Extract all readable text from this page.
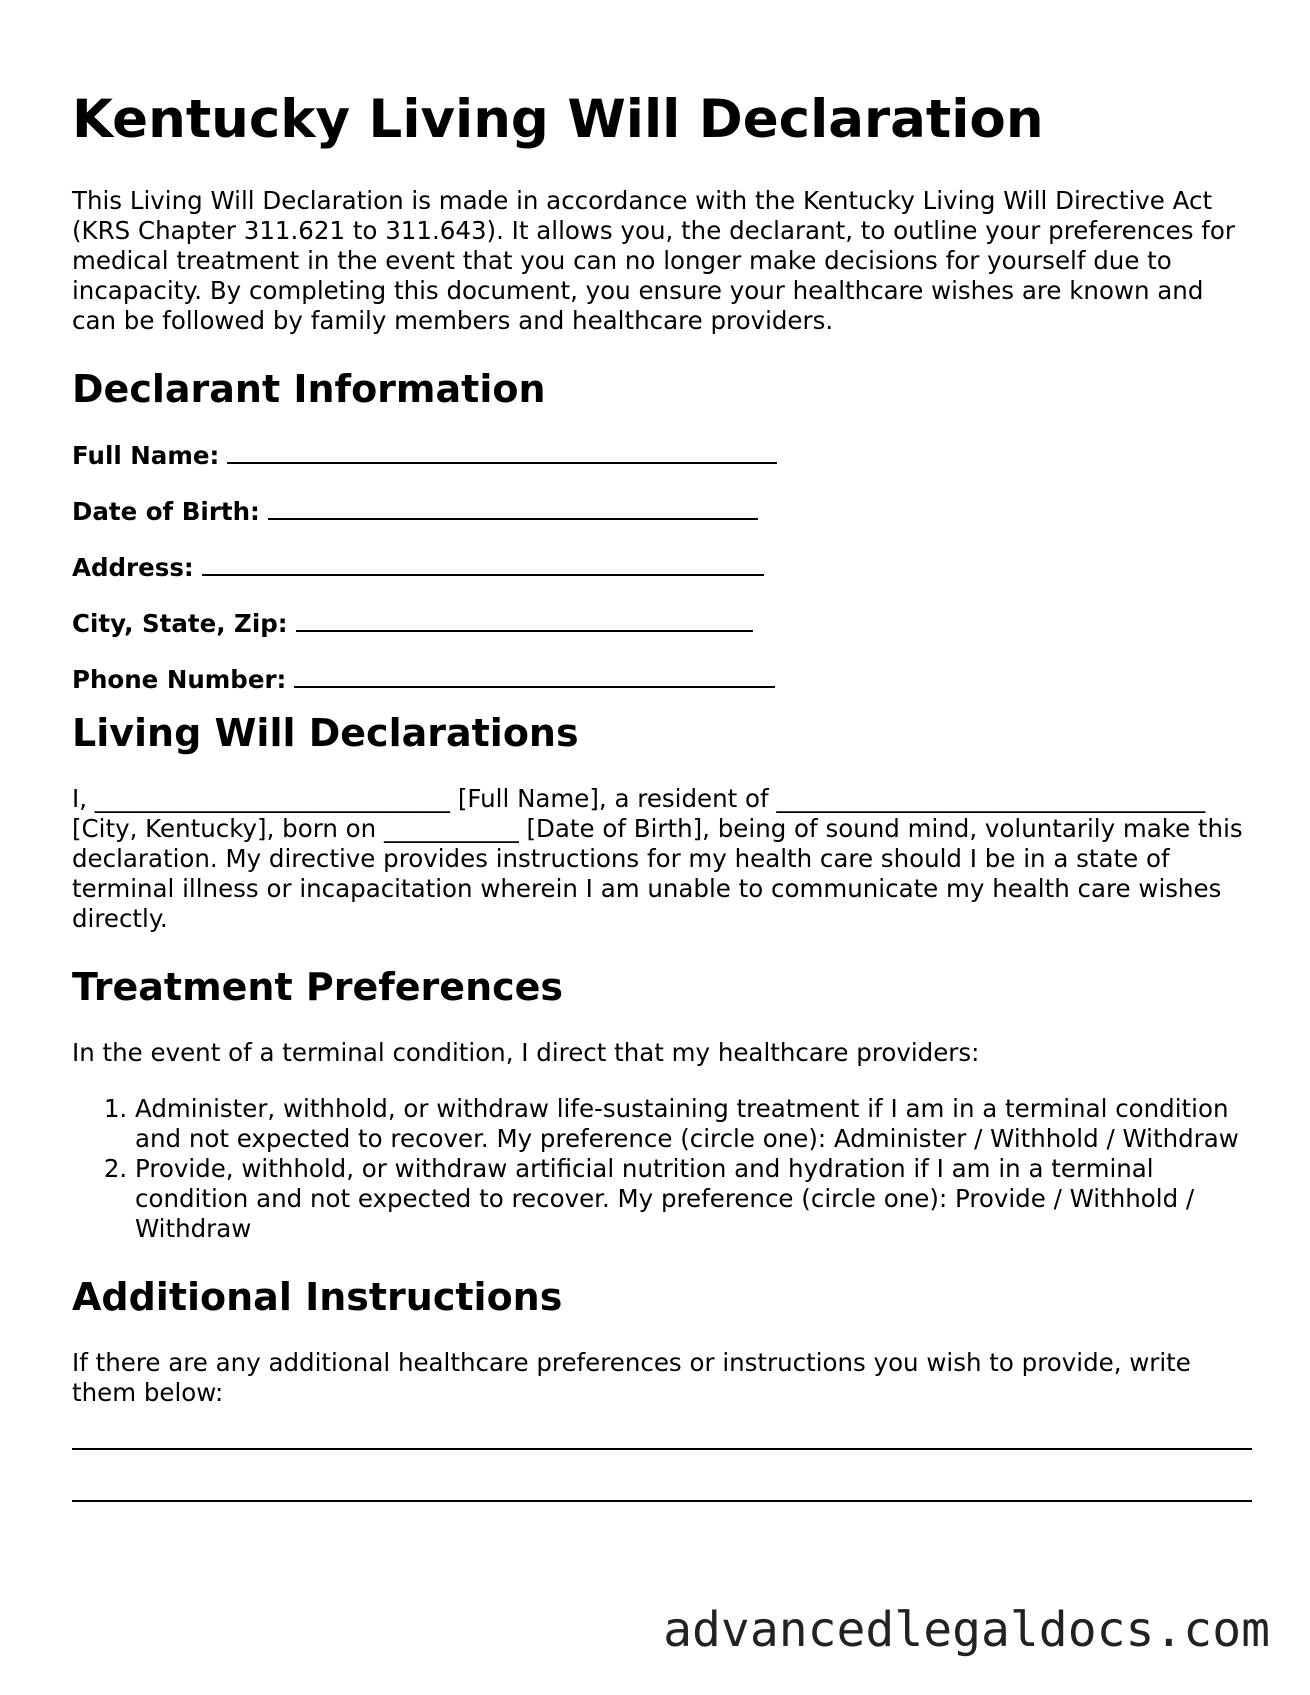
Kentucky Living Will Declaration

This Living Will Declaration is made in accordance with the Kentucky Living Will Directive Act (KRS Chapter 311.621 to 311.643). It allows you, the declarant, to outline your preferences for medical treatment in the event that you can no longer make decisions for yourself due to incapacity. By completing this document, you ensure your healthcare wishes are known and can be followed by family members and healthcare providers.

Declarant Information
Full Name:
Date of Birth:
Address:
City, State, Zip:
Phone Number:
Living Will Declarations

I, _____________________________ [Full Name], a resident of ___________________________________ [City, Kentucky], born on ___________ [Date of Birth], being of sound mind, voluntarily make this declaration. My directive provides instructions for my health care should I be in a state of terminal illness or incapacitation wherein I am unable to communicate my health care wishes directly.

Treatment Preferences

In the event of a terminal condition, I direct that my healthcare providers:

1. Administer, withhold, or withdraw life-sustaining treatment if I am in a terminal condition and not expected to recover. My preference (circle one): Administer / Withhold / Withdraw
2. Provide, withhold, or withdraw artificial nutrition and hydration if I am in a terminal condition and not expected to recover. My preference (circle one): Provide / Withhold / Withdraw
Additional Instructions

If there are any additional healthcare preferences or instructions you wish to provide, write them below:

advancedlegaldocs.com
